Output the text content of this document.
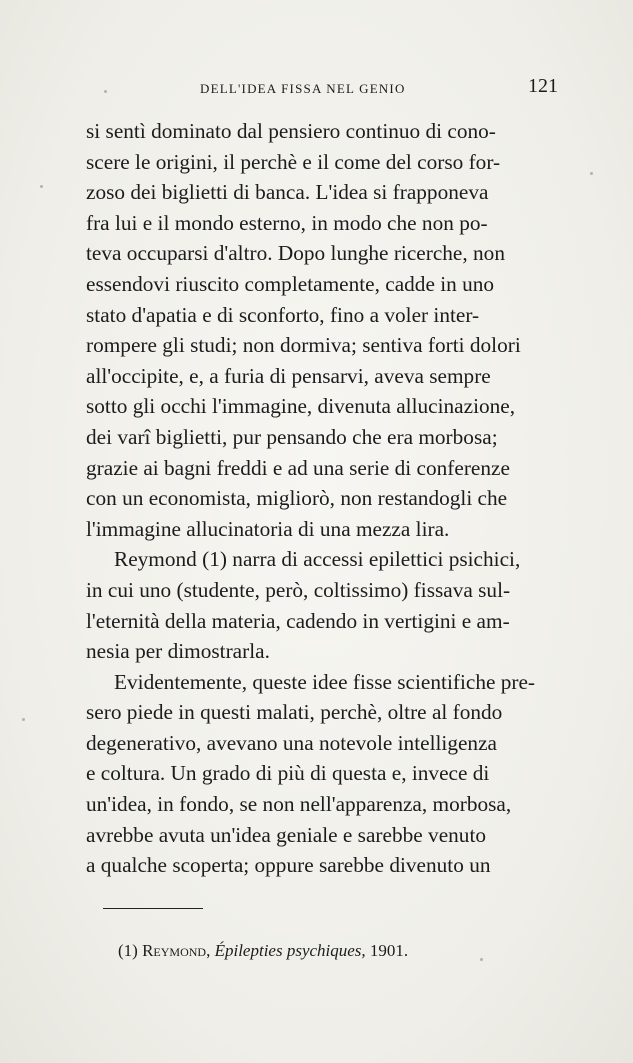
DELL'IDEA FISSA NEL GENIO	121

si sentì dominato dal pensiero continuo di cono-
scere le origini, il perchè e il come del corso for-
zoso dei biglietti di banca. L'idea si frapponeva
fra lui e il mondo esterno, in modo che non po-
teva occuparsi d'altro. Dopo lunghe ricerche, non
essendovi riuscito completamente, cadde in uno
stato d'apatia e di sconforto, fino a voler inter-
rompere gli studi; non dormiva; sentiva forti dolori
all'occipite, e, a furia di pensarvi, aveva sempre
sotto gli occhi l'immagine, divenuta allucinazione,
dei varî biglietti, pur pensando che era morbosa;
grazie ai bagni freddi e ad una serie di conferenze
con un economista, migliorò, non restandogli che
l'immagine allucinatoria di una mezza lira.

Reymond (1) narra di accessi epilettici psichici,
in cui uno (studente, però, coltissimo) fissava sul-
l'eternità della materia, cadendo in vertigini e am-
nesia per dimostrarla.

Evidentemente, queste idee fisse scientifiche pre-
sero piede in questi malati, perchè, oltre al fondo
degenerativo, avevano una notevole intelligenza
e coltura. Un grado di più di questa e, invece di
un'idea, in fondo, se non nell'apparenza, morbosa,
avrebbe avuta un'idea geniale e sarebbe venuto
a qualche scoperta; oppure sarebbe divenuto un

(1) Reymond, Épilepties psychiques, 1901.
